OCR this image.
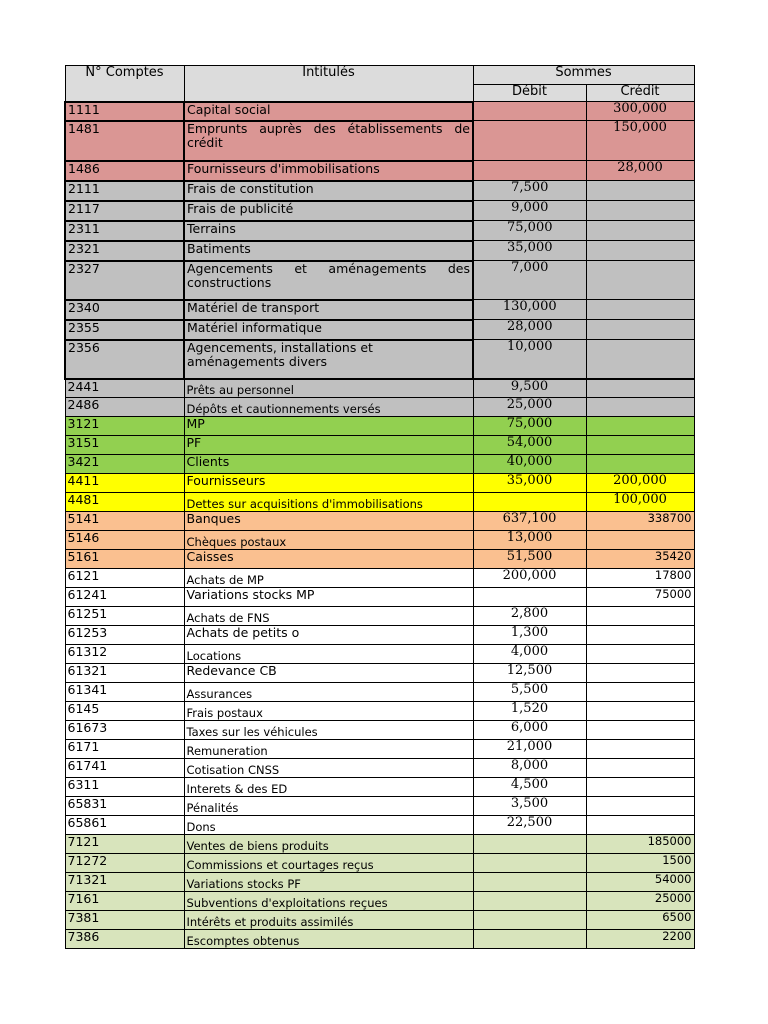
N° Comptes	Intitulés	Sommes	
		Débit	Crédit
1111	Capital social		300,000
1481	Emprunts auprès des établissements de crédit		150,000
1486	Fournisseurs d'immobilisations		28,000
2111	Frais de constitution	7,500	
2117	Frais de publicité	9,000	
2311	Terrains	75,000	
2321	Batiments	35,000	
2327	Agencements et aménagements des constructions	7,000	
2340	Matériel de transport	130,000	
2355	Matériel informatique	28,000	
2356	Agencements, installations et aménagements divers	10,000	
2441	Prêts au personnel	9,500	
2486	Dépôts et cautionnements versés	25,000	
3121	MP	75,000	
3151	PF	54,000	
3421	Clients	40,000	
4411	Fournisseurs	35,000	200,000
4481	Dettes sur acquisitions d'immobilisations		100,000
5141	Banques	637,100	338700
5146	Chèques postaux	13,000	
5161	Caisses	51,500	35420
6121	Achats de MP	200,000	17800
61241	Variations stocks MP		75000
61251	Achats de FNS	2,800	
61253	Achats de petits o	1,300	
61312	Locations	4,000	
61321	Redevance CB	12,500	
61341	Assurances	5,500	
6145	Frais postaux	1,520	
61673	Taxes sur les véhicules	6,000	
6171	Remuneration	21,000	
61741	Cotisation CNSS	8,000	
6311	Interets & des ED	4,500	
65831	Pénalités	3,500	
65861	Dons	22,500	
7121	Ventes de biens produits		185000
71272	Commissions et courtages reçus		1500
71321	Variations stocks PF		54000
7161	Subventions d'exploitations reçues		25000
7381	Intérêts et produits assimilés		6500
7386	Escomptes obtenus		2200
